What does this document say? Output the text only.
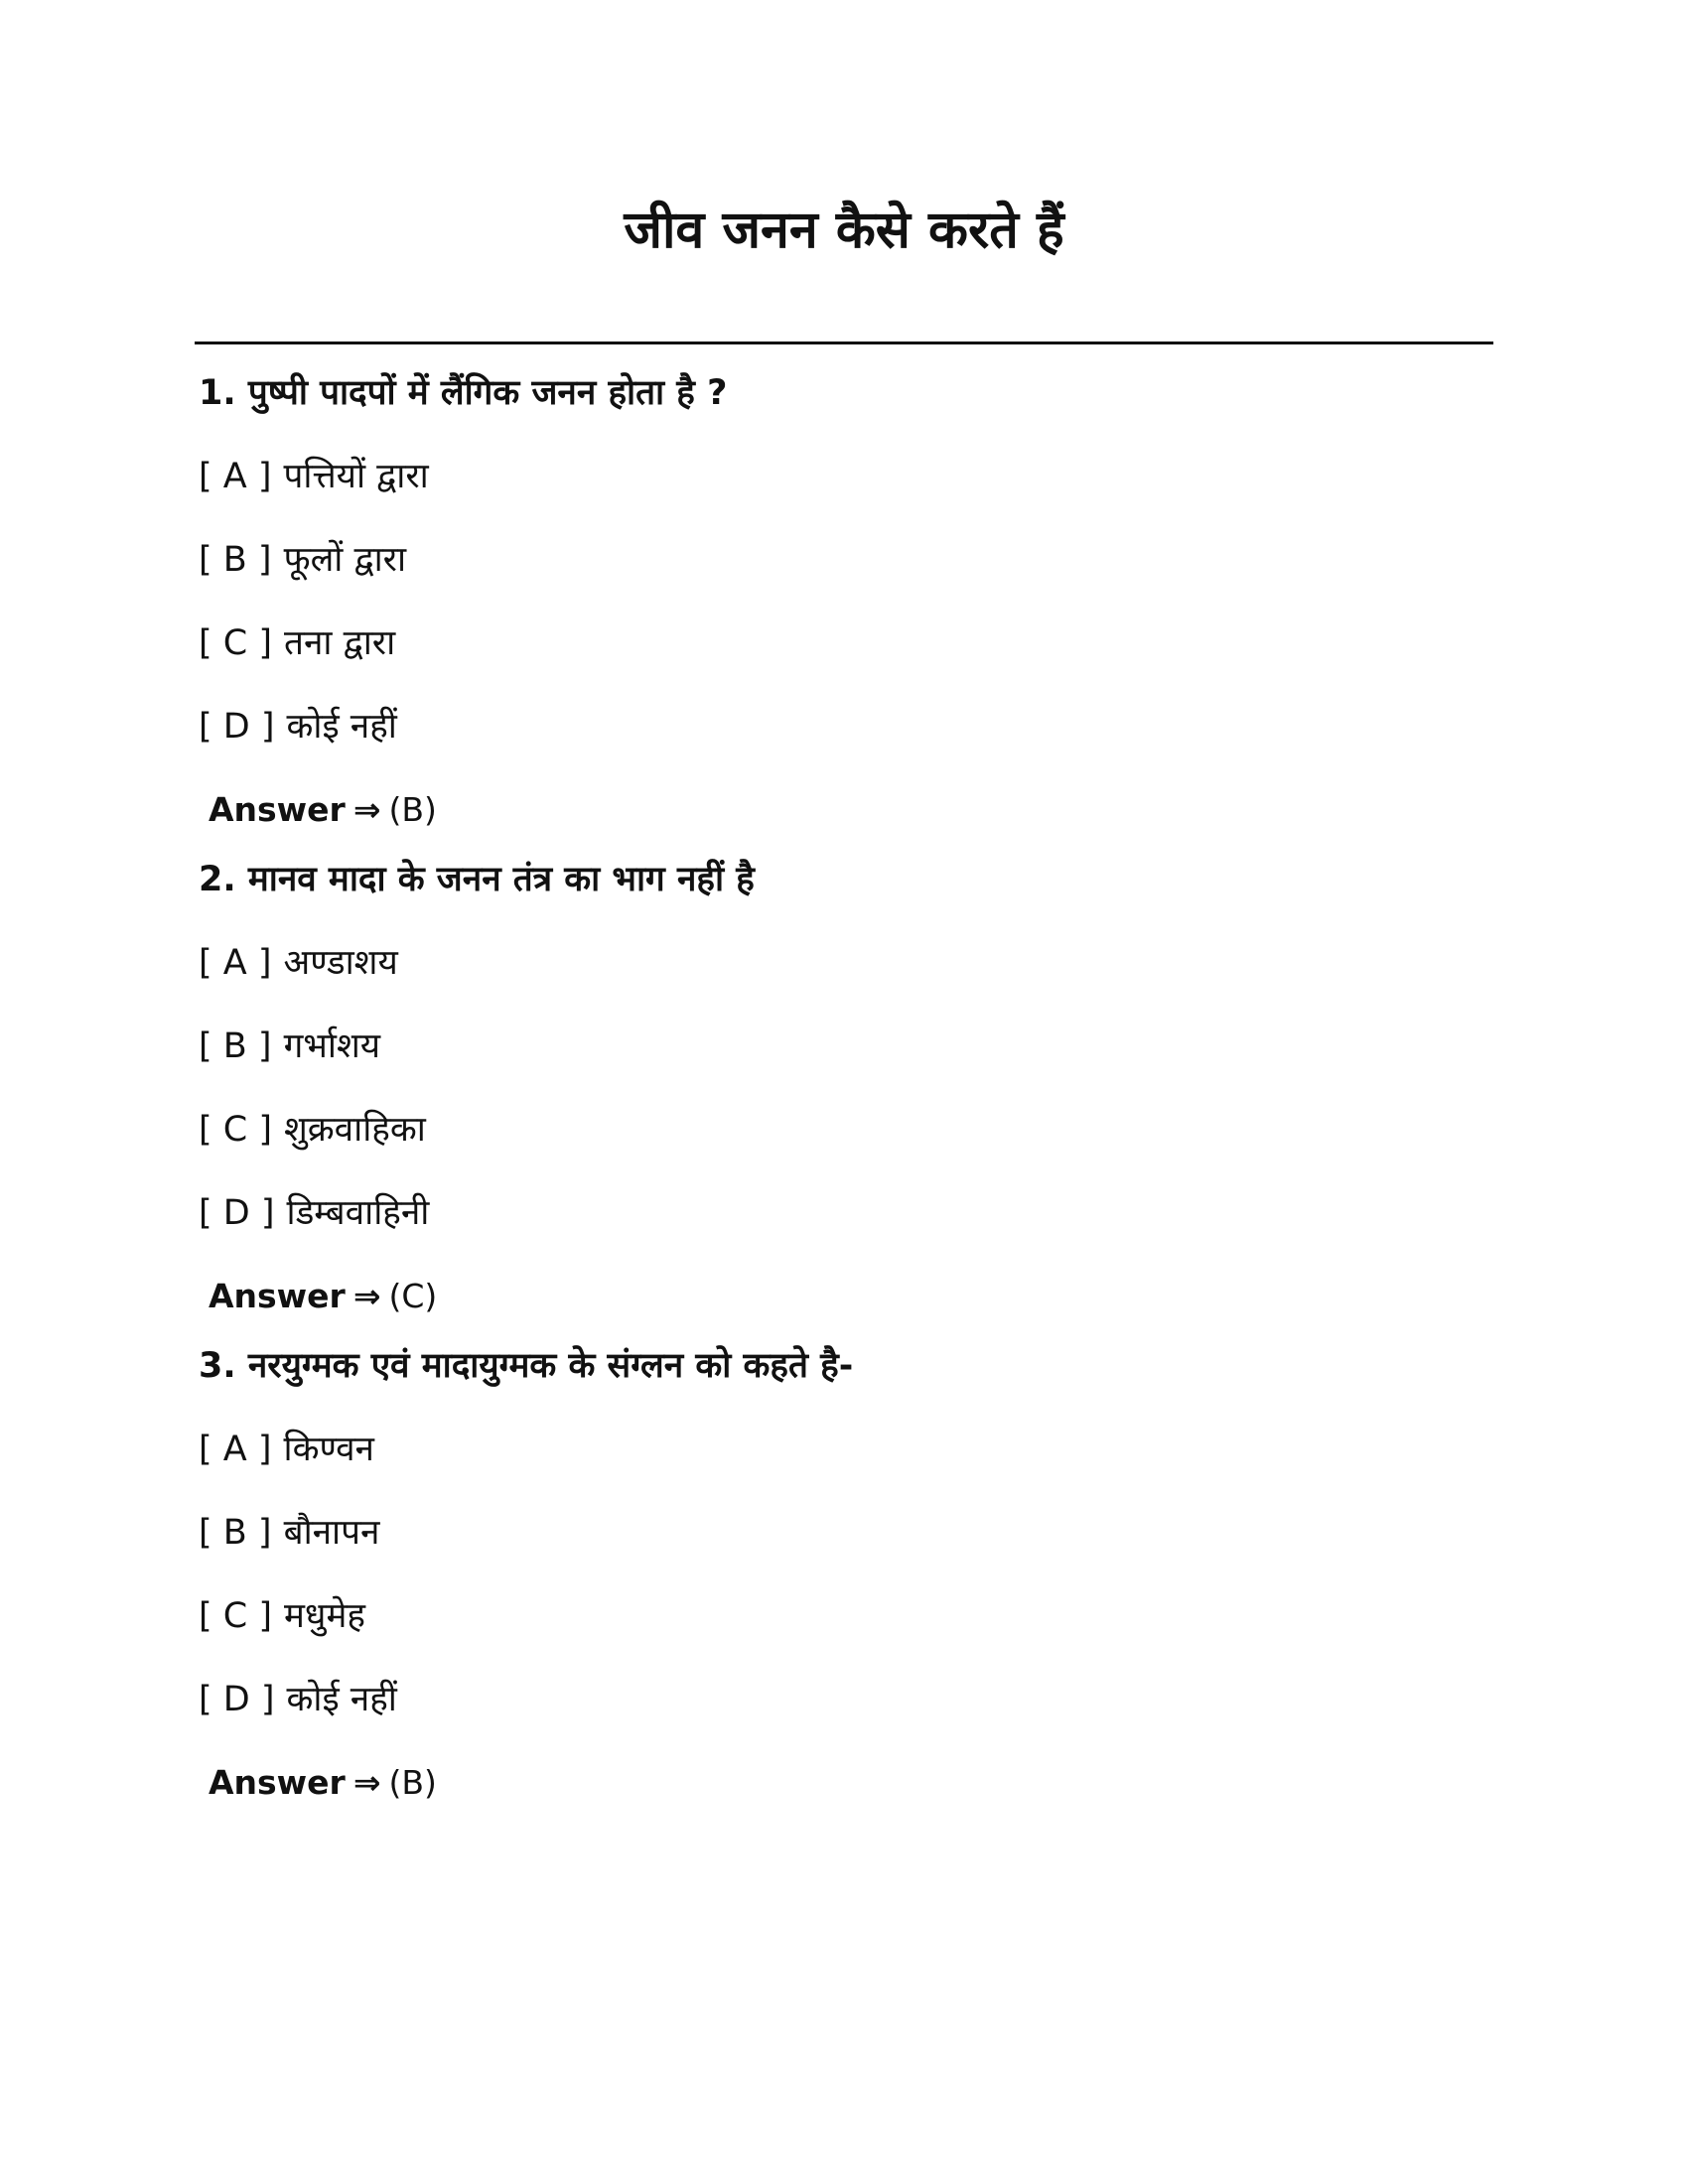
जीव जनन कैसे करते हैं

1. पुष्पी पादपों में लैंगिक जनन होता है ?

[ A ] पत्तियों द्वारा

[ B ] फूलों द्वारा

[ C ] तना द्वारा

[ D ] कोई नहीं

Answer ⇒ (B)

2. मानव मादा के जनन तंत्र का भाग नहीं है

[ A ] अण्डाशय

[ B ] गर्भाशय

[ C ] शुक्रवाहिका

[ D ] डिम्बवाहिनी

Answer ⇒ (C)

3. नरयुग्मक एवं मादायुग्मक के संग्लन को कहते है-

[ A ] किण्वन

[ B ] बौनापन

[ C ] मधुमेह

[ D ] कोई नहीं

Answer ⇒ (B)
